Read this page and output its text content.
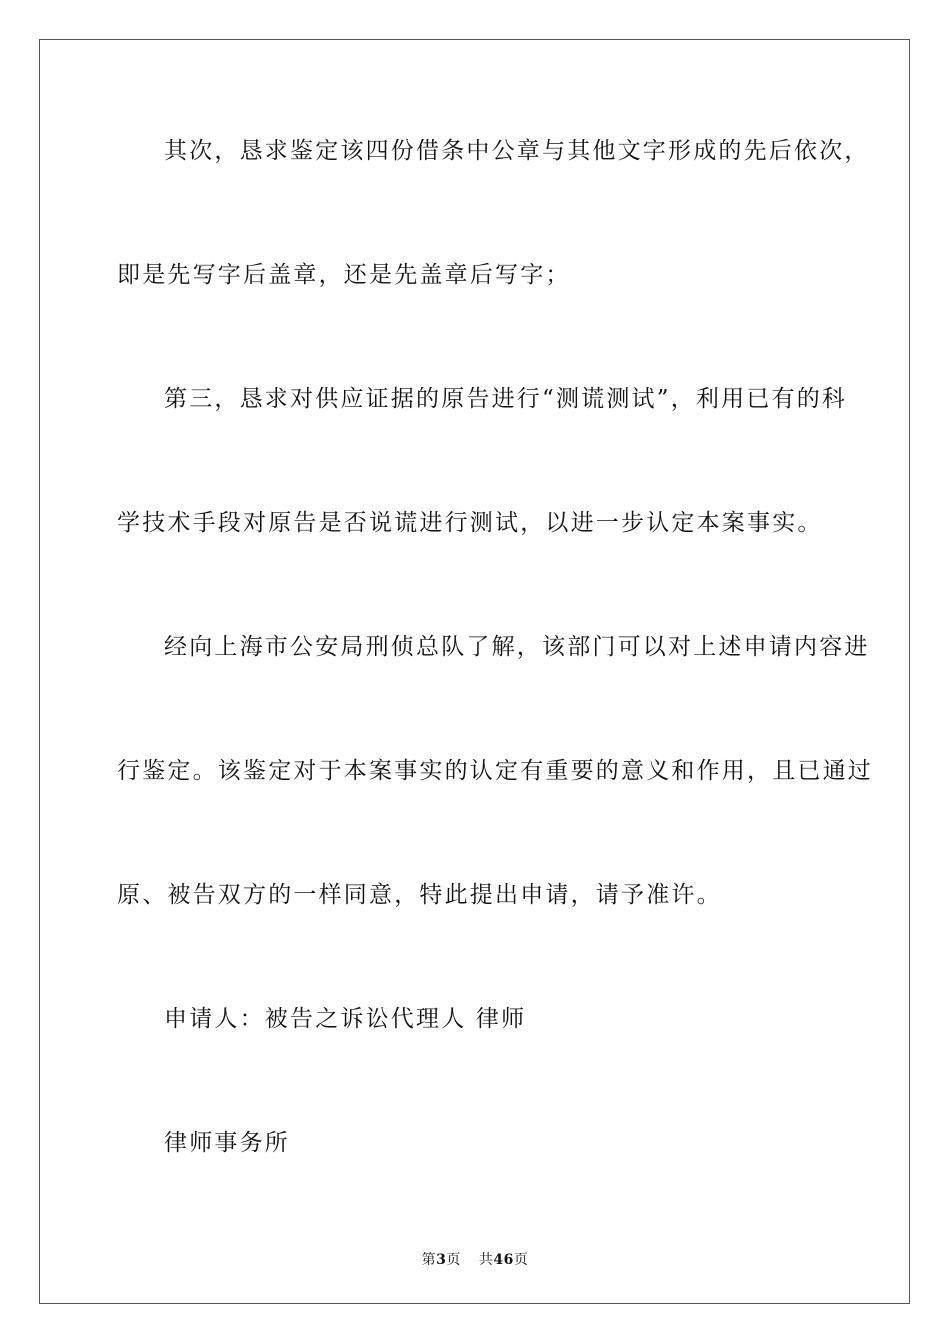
其次，恳求鉴定该四份借条中公章与其他文字形成的先后依次，
即是先写字后盖章，还是先盖章后写字；
第三，恳求对供应证据的原告进行“测谎测试”，利用已有的科
学技术手段对原告是否说谎进行测试，以进一步认定本案事实。
经向上海市公安局刑侦总队了解，该部门可以对上述申请内容进
行鉴定。该鉴定对于本案事实的认定有重要的意义和作用，且已通过
原、被告双方的一样同意，特此提出申请，请予准许。
申请人：被告之诉讼代理人 律师
律师事务所
第3页 共46页
